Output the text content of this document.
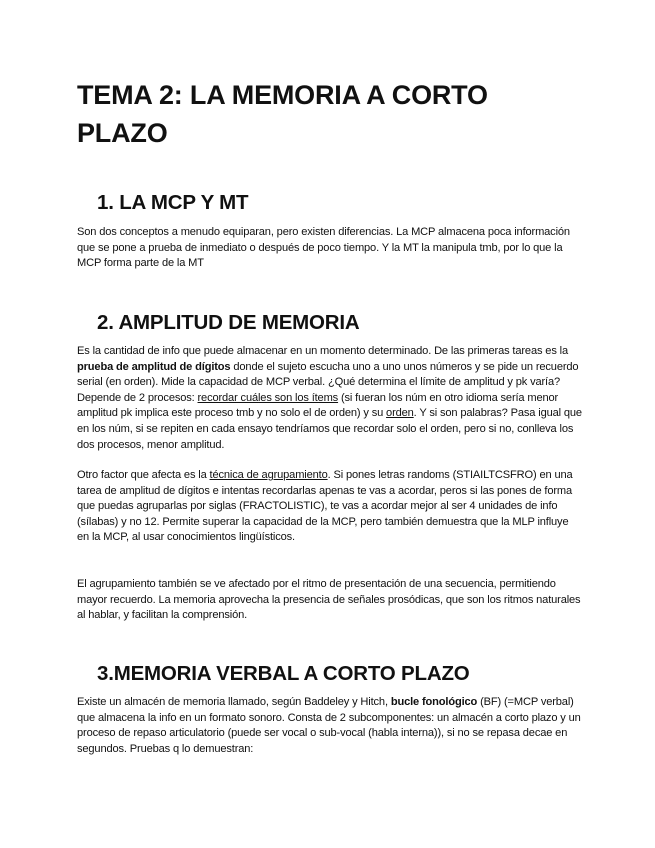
TEMA 2: LA MEMORIA A CORTO PLAZO
1. LA MCP Y MT

Son dos conceptos a menudo equiparan, pero existen diferencias. La MCP almacena poca información que se pone a prueba de inmediato o después de poco tiempo. Y la MT la manipula tmb, por lo que la MCP forma parte de la MT

2. AMPLITUD DE MEMORIA

Es la cantidad de info que puede almacenar en un momento determinado. De las primeras tareas es la prueba de amplitud de dígitos donde el sujeto escucha uno a uno unos números y se pide un recuerdo serial (en orden). Mide la capacidad de MCP verbal. ¿Qué determina el límite de amplitud y pk varía? Depende de 2 procesos: recordar cuáles son los ítems (si fueran los núm en otro idioma sería menor amplitud pk implica este proceso tmb y no solo el de orden) y su orden. Y si son palabras? Pasa igual que en los núm, si se repiten en cada ensayo tendríamos que recordar solo el orden, pero si no, conlleva los dos procesos, menor amplitud.

Otro factor que afecta es la técnica de agrupamiento. Si pones letras randoms (STIAILTCSFRO) en una tarea de amplitud de dígitos e intentas recordarlas apenas te vas a acordar, peros si las pones de forma que puedas agruparlas por siglas (FRACTOLISTIC), te vas a acordar mejor al ser 4 unidades de info (sílabas) y no 12. Permite superar la capacidad de la MCP, pero también demuestra que la MLP influye en la MCP, al usar conocimientos lingüísticos.

El agrupamiento también se ve afectado por el ritmo de presentación de una secuencia, permitiendo mayor recuerdo. La memoria aprovecha la presencia de señales prosódicas, que son los ritmos naturales al hablar, y facilitan la comprensión.

3.MEMORIA VERBAL A CORTO PLAZO

Existe un almacén de memoria llamado, según Baddeley y Hitch, bucle fonológico (BF) (=MCP verbal) que almacena la info en un formato sonoro. Consta de 2 subcomponentes: un almacén a corto plazo y un proceso de repaso articulatorio (puede ser vocal o sub-vocal (habla interna)), si no se repasa decae en segundos. Pruebas q lo demuestran:
